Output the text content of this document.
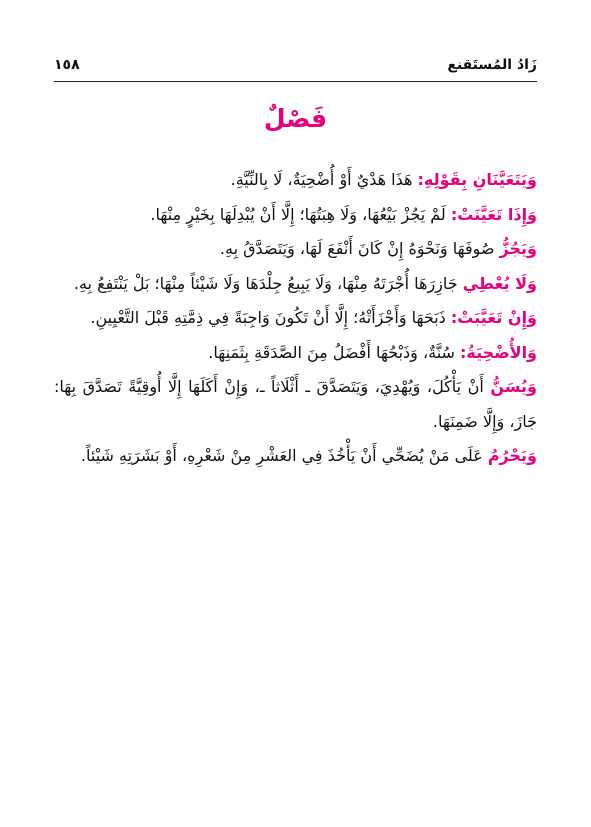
زَادُ المُستَقنع
١٥٨
فَصْلٌ

وَيَتَعَيَّنَانِ بِقَوْلِهِ: هَذَا هَدْيٌ أَوْ أُضْحِيَةٌ، لَا بِالنِّيَّةِ.

وَإِذَا تَعَيَّنَتْ: لَمْ يَجُزْ بَيْعُهَا، وَلَا هِبَتُهَا؛ إِلَّا أَنْ يُبْدِلَهَا بِخَيْرٍ مِنْهَا.

وَيَجُزُّ صُوفَهَا وَنَحْوَهُ إِنْ كَانَ أَنْفَعَ لَهَا، وَيَتَصَدَّقُ بِهِ.

وَلَا يُعْطِي جَازِرَهَا أُجْرَتَهُ مِنْهَا، وَلَا يَبِيعُ جِلْدَهَا وَلَا شَيْئاً مِنْهَا؛ بَلْ يَنْتَفِعُ بِهِ.

وَإِنْ تَعَيَّبَتْ: ذَبَحَهَا وَأَجْزَأَتْهُ؛ إِلَّا أَنْ تَكُونَ وَاجِبَةً فِي ذِمَّتِهِ قَبْلَ التَّعْيِينِ.

وَالأُضْحِيَةُ: سُنَّةٌ، وَذَبْحُهَا أَفْضَلُ مِنَ الصَّدَقَةِ بِثَمَنِهَا.

وَيُسَنُّ أَنْ يَأْكُلَ، وَيُهْدِيَ، وَيَتَصَدَّقَ ـ أَثْلَاثاً ـ، وَإِنْ أَكَلَهَا إِلَّا أُوقِيَّةً تَصَدَّقَ بِهَا: جَازَ، وَإِلَّا ضَمِنَهَا.

وَيَحْرُمُ عَلَى مَنْ يُضَحِّي أَنْ يَأْخُذَ فِي العَشْرِ مِنْ شَعْرِهِ، أَوْ بَشَرَتِهِ شَيْئاً.
